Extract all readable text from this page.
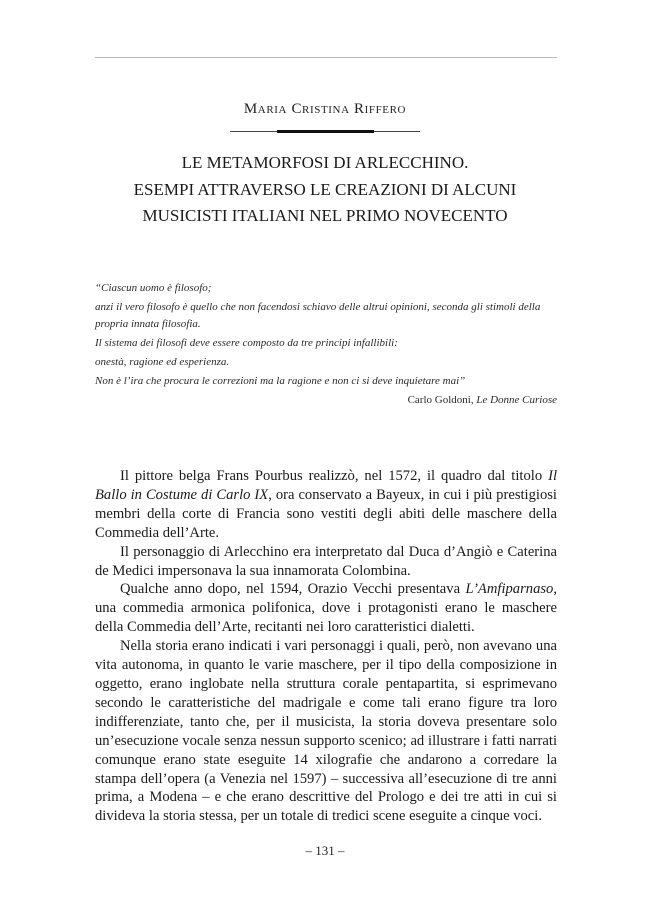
Maria Cristina Riffero
LE METAMORFOSI DI ARLECCHINO.
ESEMPI ATTRAVERSO LE CREAZIONI DI ALCUNI
MUSICISTI ITALIANI NEL PRIMO NOVECENTO

“Ciascun uomo è filosofo;

anzi il vero filosofo è quello che non facendosi schiavo delle altrui opinioni, seconda gli stimoli della propria innata filosofia.

Il sistema dei filosofi deve essere composto da tre principi infallibili:

onestà, ragione ed esperienza.

Non è l’ira che procura le correzioni ma la ragione e non ci si deve inquietare mai”

Carlo Goldoni, Le Donne Curiose

Il pittore belga Frans Pourbus realizzò, nel 1572, il quadro dal titolo Il Ballo in Costume di Carlo IX, ora conservato a Bayeux, in cui i più prestigiosi membri della corte di Francia sono vestiti degli abiti delle maschere della Commedia dell’Arte.

Il personaggio di Arlecchino era interpretato dal Duca d’Angiò e Caterina de Medici impersonava la sua innamorata Colombina.

Qualche anno dopo, nel 1594, Orazio Vecchi presentava L’Amfiparnaso, una commedia armonica polifonica, dove i protagonisti erano le maschere della Commedia dell’Arte, recitanti nei loro caratteristici dialetti.

Nella storia erano indicati i vari personaggi i quali, però, non avevano una vita autonoma, in quanto le varie maschere, per il tipo della composizione in oggetto, erano inglobate nella struttura corale pentapartita, si esprimevano secondo le caratteristiche del madrigale e come tali erano figure tra loro indifferenziate, tanto che, per il musicista, la storia doveva presentare solo un’esecuzione vocale senza nessun supporto scenico; ad illustrare i fatti narrati comunque erano state eseguite 14 xilografie che andarono a corredare la stampa dell’opera (a Venezia nel 1597) – successiva all’esecuzione di tre anni prima, a Modena – e che erano descrittive del Prologo e dei tre atti in cui si divideva la storia stessa, per un totale di tredici scene eseguite a cinque voci.

– 131 –
